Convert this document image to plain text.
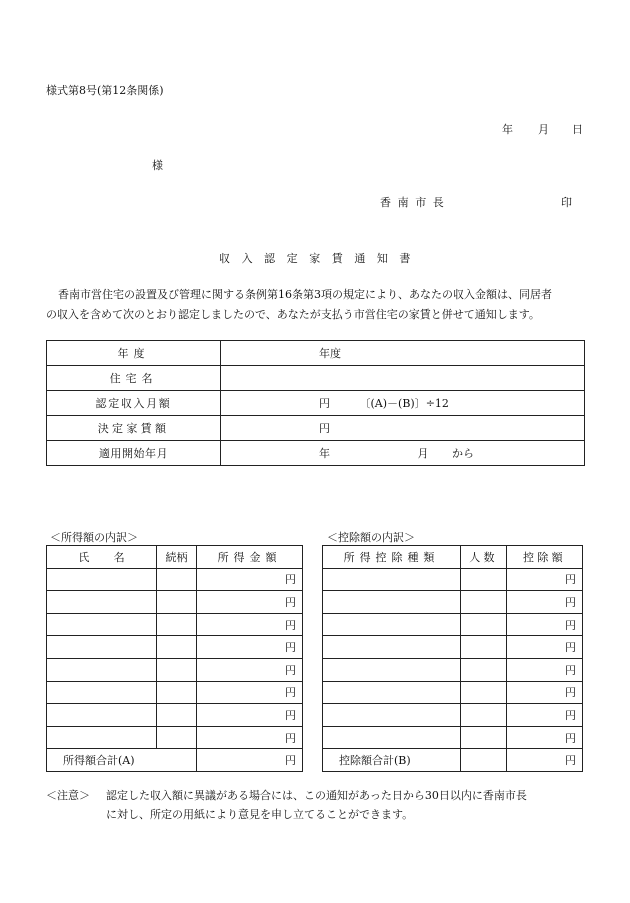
様式第8号(第12条関係)
年 月 日
様
香南市長	印
収入認定家賃通知書
香南市営住宅の設置及び管理に関する条例第16条第3項の規定により、あなたの収入金額は、同居者
の収入を含めて次のとおり認定しましたので、あなたが支払う市営住宅の家賃と併せて通知します。
年度	年度
住宅名	
認定収入月額	円 〔(A)－(B)〕÷12
決定家賃額	円
適用開始年月	年 月 から
＜所得額の内訳＞	＜控除額の内訳＞
氏名	続柄	所得金額
		円
		円
		円
		円
		円
		円
		円
		円
所得額合計(A)		円
所得控除種類	人数	控除額
		円
		円
		円
		円
		円
		円
		円
		円
控除額合計(B)		円
＜注意＞ 認定した収入額に異議がある場合には、この通知があった日から30日以内に香南市長
に対し、所定の用紙により意見を申し立てることができます。
